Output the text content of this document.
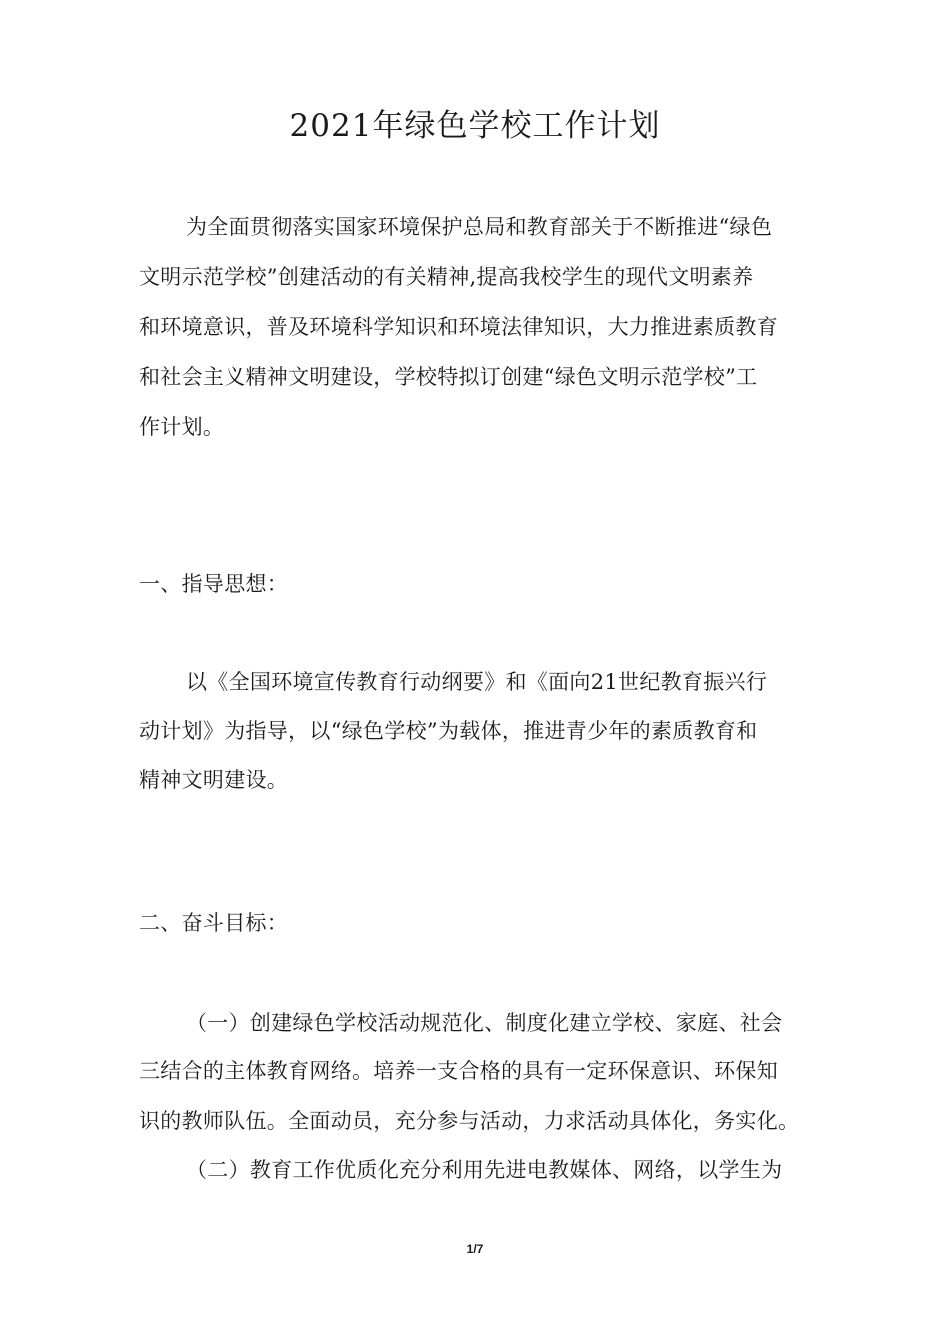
2021年绿色学校工作计划
为全面贯彻落实国家环境保护总局和教育部关于不断推进“绿色
文明示范学校”创建活动的有关精神,提高我校学生的现代文明素养
和环境意识，普及环境科学知识和环境法律知识，大力推进素质教育
和社会主义精神文明建设，学校特拟订创建“绿色文明示范学校”工
作计划。
一、指导思想：
以《全国环境宣传教育行动纲要》和《面向21世纪教育振兴行
动计划》为指导，以“绿色学校”为载体，推进青少年的素质教育和
精神文明建设。
二、奋斗目标：
（一）创建绿色学校活动规范化、制度化建立学校、家庭、社会
三结合的主体教育网络。培养一支合格的具有一定环保意识、环保知
识的教师队伍。全面动员，充分参与活动，力求活动具体化，务实化。
（二）教育工作优质化充分利用先进电教媒体、网络，以学生为
1/7
